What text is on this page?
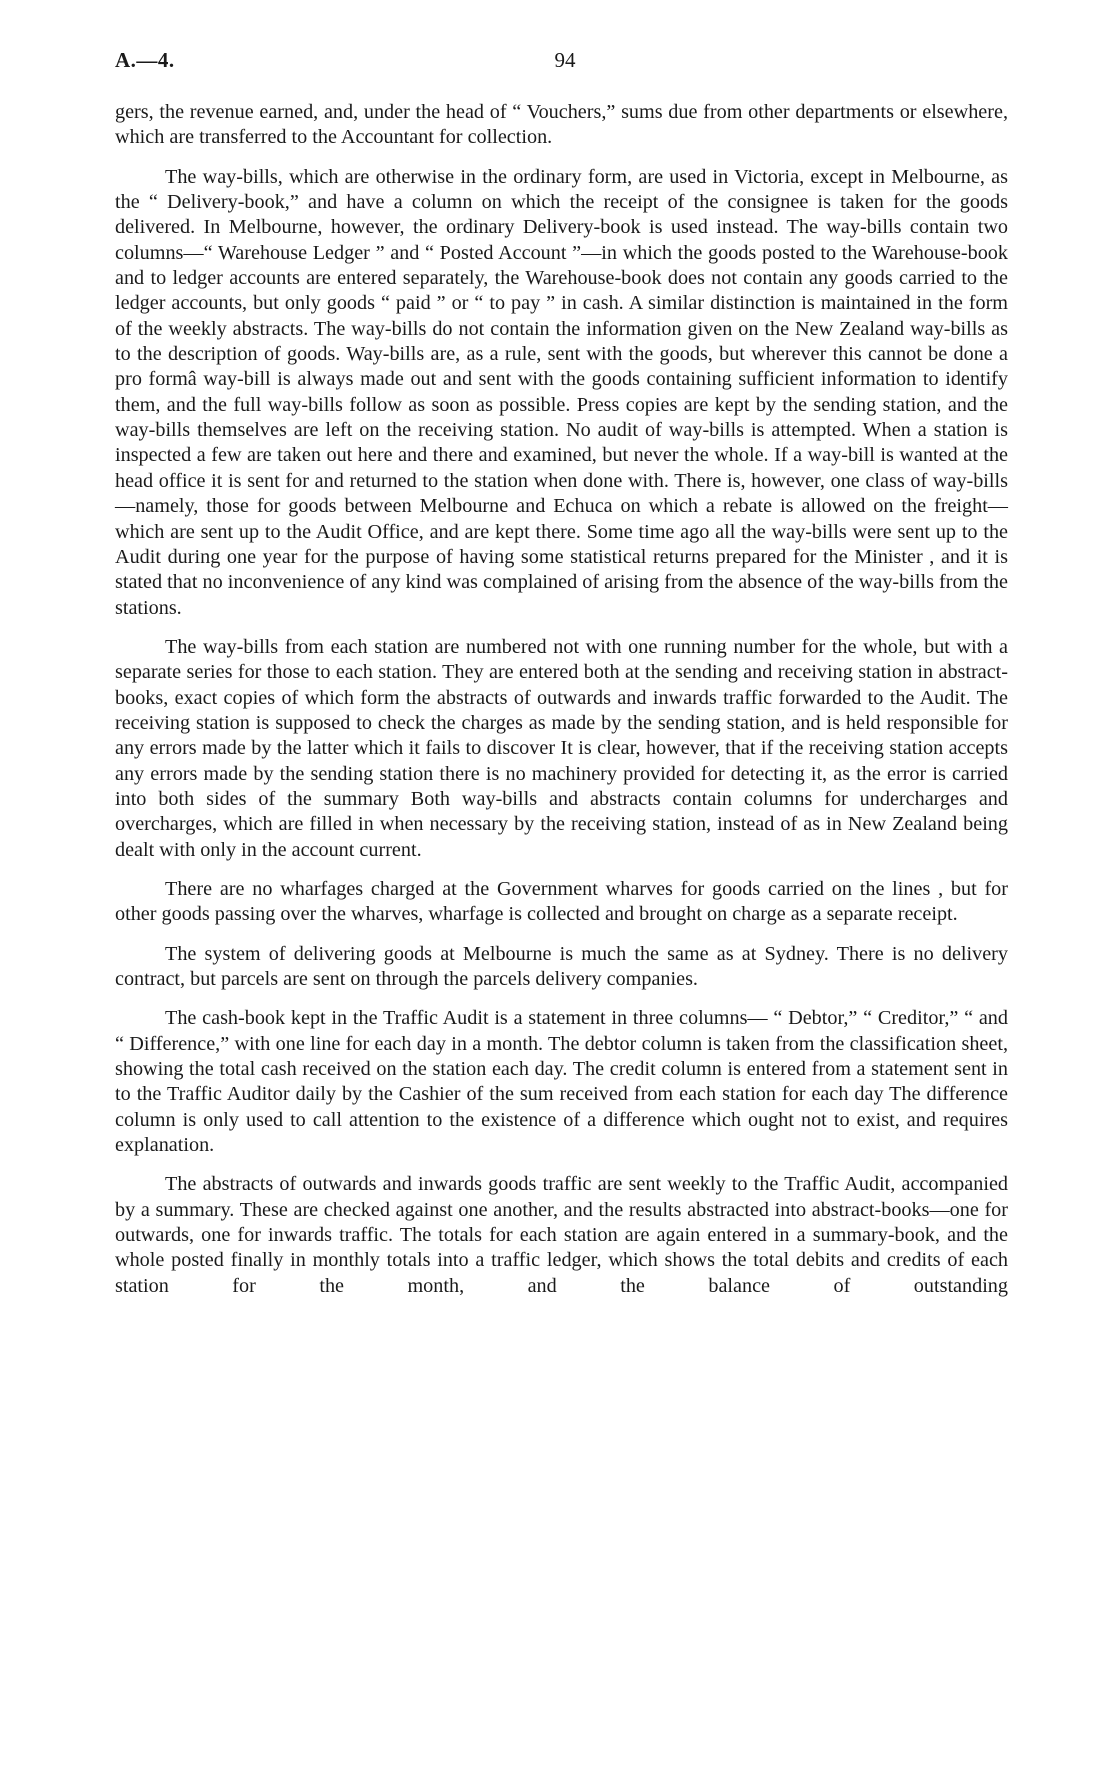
A.—4.	94

gers, the revenue earned, and, under the head of “ Vouchers,” sums due from other departments or elsewhere, which are transferred to the Accountant for collection.

The way-bills, which are otherwise in the ordinary form, are used in Victoria, except in Melbourne, as the “ Delivery-book,” and have a column on which the receipt of the consignee is taken for the goods delivered. In Melbourne, however, the ordinary Delivery-book is used instead. The way-bills contain two columns—“ Warehouse Ledger ” and “ Posted Account ”—in which the goods posted to the Warehouse-book and to ledger accounts are entered separately, the Warehouse-book does not contain any goods carried to the ledger accounts, but only goods “ paid ” or “ to pay ” in cash. A similar distinction is maintained in the form of the weekly abstracts. The way-bills do not contain the information given on the New Zealand way-bills as to the description of goods. Way-bills are, as a rule, sent with the goods, but wherever this cannot be done a pro formâ way-bill is always made out and sent with the goods containing sufficient information to identify them, and the full way-bills follow as soon as possible. Press copies are kept by the sending station, and the way-bills themselves are left on the receiving station. No audit of way-bills is attempted. When a station is inspected a few are taken out here and there and examined, but never the whole. If a way-bill is wanted at the head office it is sent for and returned to the station when done with. There is, however, one class of way-bills—namely, those for goods between Melbourne and Echuca on which a rebate is allowed on the freight—which are sent up to the Audit Office, and are kept there. Some time ago all the way-bills were sent up to the Audit during one year for the purpose of having some statistical returns prepared for the Minister , and it is stated that no inconvenience of any kind was complained of arising from the absence of the way-bills from the stations.

The way-bills from each station are numbered not with one running number for the whole, but with a separate series for those to each station. They are entered both at the sending and receiving station in abstract-books, exact copies of which form the abstracts of outwards and inwards traffic forwarded to the Audit. The receiving station is supposed to check the charges as made by the sending station, and is held responsible for any errors made by the latter which it fails to discover It is clear, however, that if the receiving station accepts any errors made by the sending station there is no machinery provided for detecting it, as the error is carried into both sides of the summary Both way-bills and abstracts contain columns for undercharges and overcharges, which are filled in when necessary by the receiving station, instead of as in New Zealand being dealt with only in the account current.

There are no wharfages charged at the Government wharves for goods carried on the lines , but for other goods passing over the wharves, wharfage is collected and brought on charge as a separate receipt.

The system of delivering goods at Melbourne is much the same as at Sydney. There is no delivery contract, but parcels are sent on through the parcels delivery companies.

The cash-book kept in the Traffic Audit is a statement in three columns— “ Debtor,” “ Creditor,” “ and “ Difference,” with one line for each day in a month. The debtor column is taken from the classification sheet, showing the total cash received on the station each day. The credit column is entered from a statement sent in to the Traffic Auditor daily by the Cashier of the sum received from each station for each day The difference column is only used to call attention to the existence of a difference which ought not to exist, and requires explanation.

The abstracts of outwards and inwards goods traffic are sent weekly to the Traffic Audit, accompanied by a summary. These are checked against one another, and the results abstracted into abstract-books—one for outwards, one for inwards traffic. The totals for each station are again entered in a summary-book, and the whole posted finally in monthly totals into a traffic ledger, which shows the total debits and credits of each station for the month, and the balance of outstanding
